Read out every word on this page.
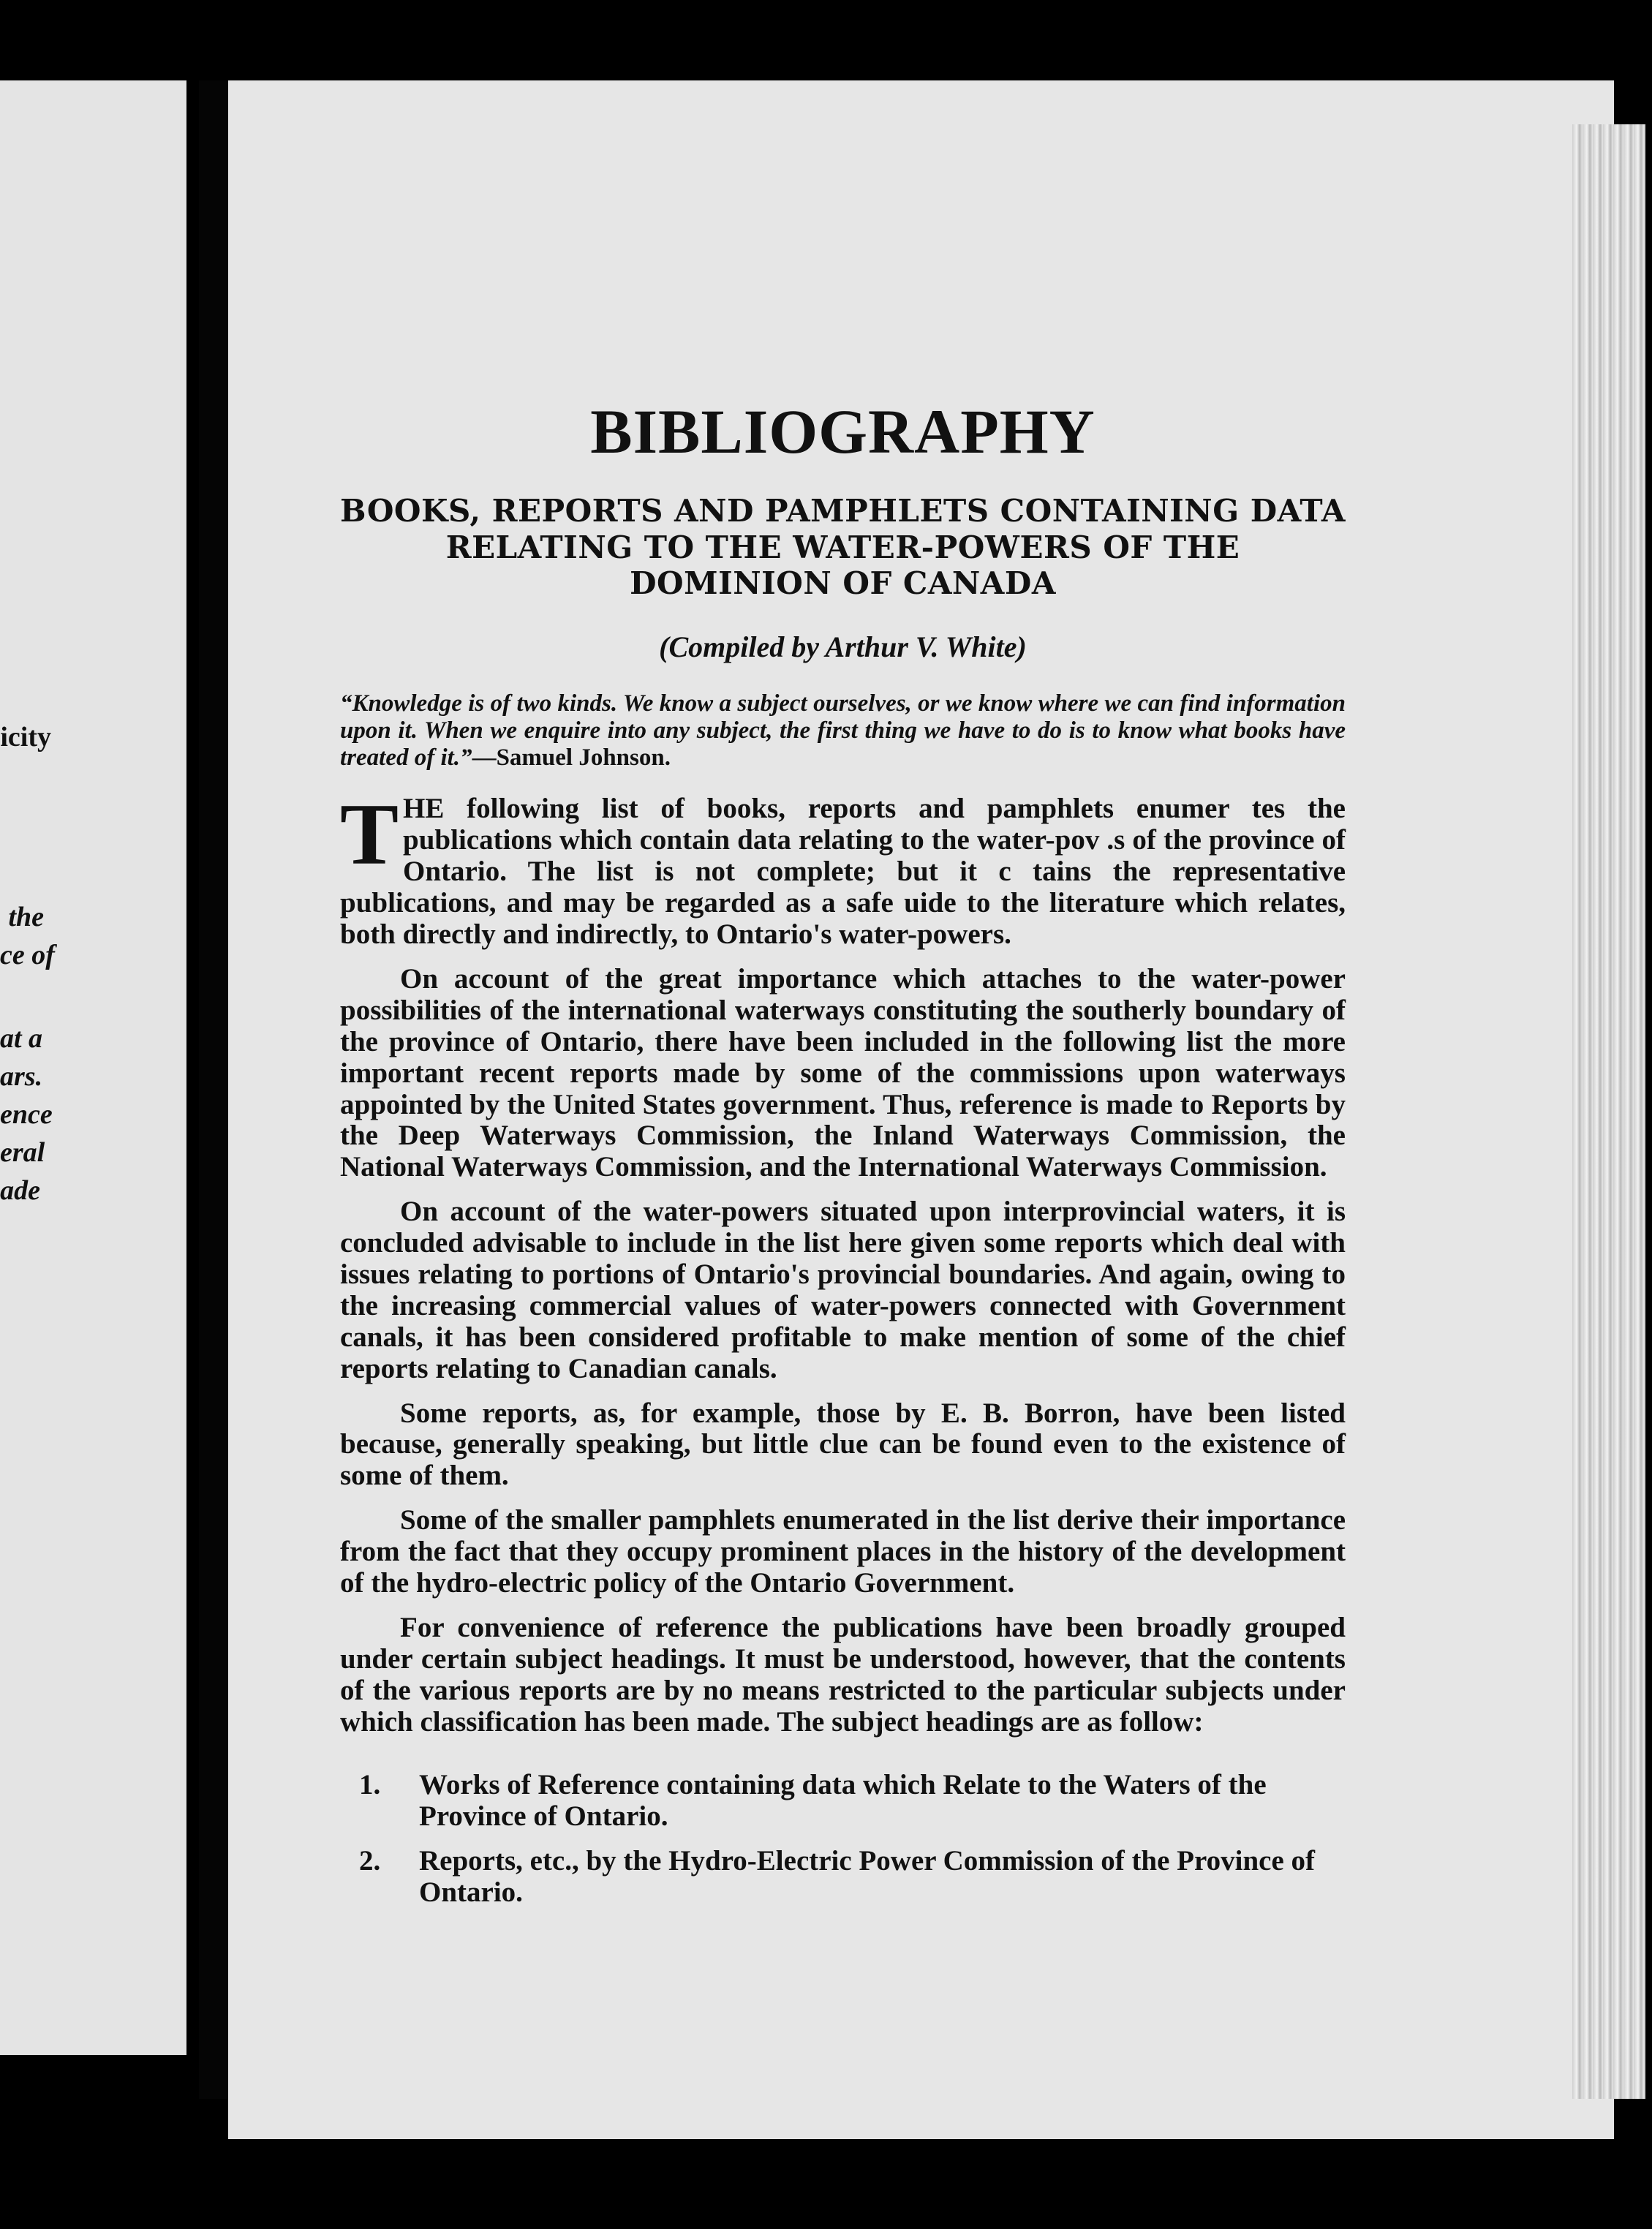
icity
the
ce of
at a
ars.
ence
eral
ade
BIBLIOGRAPHY
BOOKS, REPORTS AND PAMPHLETS CONTAINING DATA RELATING TO THE WATER-POWERS OF THE DOMINION OF CANADA
(Compiled by Arthur V. White)
“Knowledge is of two kinds. We know a subject ourselves, or we know where we can find information upon it. When we enquire into any subject, the first thing we have to do is to know what books have treated of it.”—Samuel Johnson.

THE following list of books, reports and pamphlets enumer tes the publications which contain data relating to the water-pov .s of the province of Ontario. The list is not complete; but it c tains the representative publications, and may be regarded as a safe uide to the literature which relates, both directly and indirectly, to Ontario's water-powers.

On account of the great importance which attaches to the water-power possibilities of the international waterways constituting the southerly boundary of the province of Ontario, there have been included in the following list the more important recent reports made by some of the commissions upon waterways appointed by the United States government. Thus, reference is made to Reports by the Deep Waterways Commission, the Inland Waterways Commission, the National Waterways Commission, and the International Waterways Commission.

On account of the water-powers situated upon interprovincial waters, it is concluded advisable to include in the list here given some reports which deal with issues relating to portions of Ontario's provincial boundaries. And again, owing to the increasing commercial values of water-powers connected with Government canals, it has been considered profitable to make mention of some of the chief reports relating to Canadian canals.

Some reports, as, for example, those by E. B. Borron, have been listed because, generally speaking, but little clue can be found even to the existence of some of them.

Some of the smaller pamphlets enumerated in the list derive their importance from the fact that they occupy prominent places in the history of the development of the hydro-electric policy of the Ontario Government.

For convenience of reference the publications have been broadly grouped under certain subject headings. It must be understood, however, that the contents of the various reports are by no means restricted to the particular subjects under which classification has been made. The subject headings are as follow:

1.	Works of Reference containing data which Relate to the Waters of the Province of Ontario.
2.	Reports, etc., by the Hydro-Electric Power Commission of the Province of Ontario.
